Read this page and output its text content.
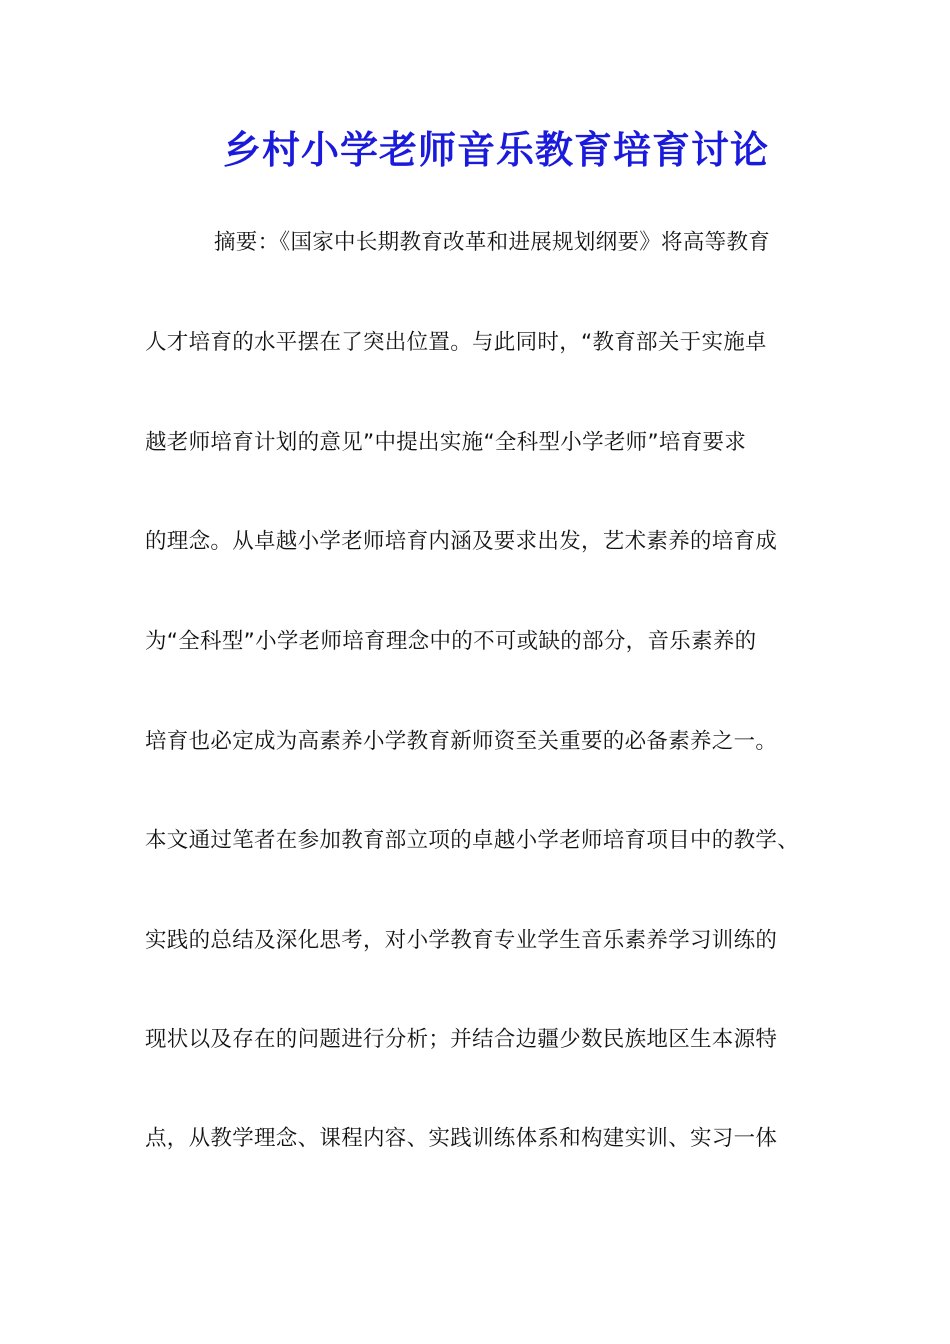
乡村小学老师音乐教育培育讨论
摘要：《国家中长期教育改革和进展规划纲要》将高等教育
人才培育的水平摆在了突出位置。与此同时，“教育部关于实施卓
越老师培育计划的意见”中提出实施“全科型小学老师”培育要求
的理念。从卓越小学老师培育内涵及要求出发，艺术素养的培育成
为“全科型”小学老师培育理念中的不可或缺的部分，音乐素养的
培育也必定成为高素养小学教育新师资至关重要的必备素养之一。
本文通过笔者在参加教育部立项的卓越小学老师培育项目中的教学、
实践的总结及深化思考，对小学教育专业学生音乐素养学习训练的
现状以及存在的问题进行分析；并结合边疆少数民族地区生本源特
点，从教学理念、课程内容、实践训练体系和构建实训、实习一体
